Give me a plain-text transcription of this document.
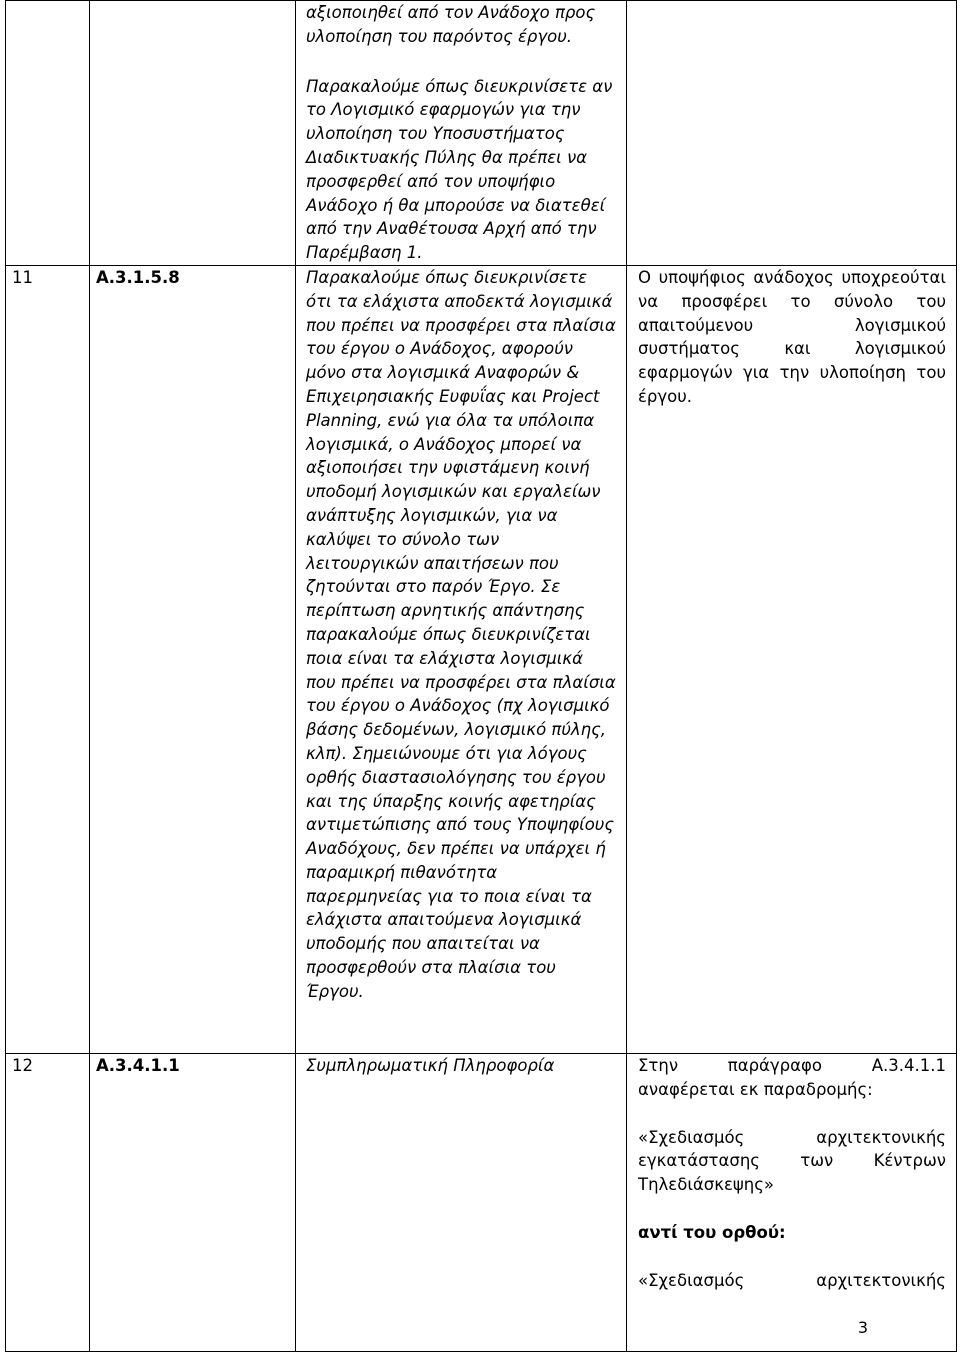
		αξιοποιηθεί από τον Ανάδοχο προς υλοποίηση του παρόντος έργου.

Παρακαλούμε όπως διευκρινίσετε αν το Λογισμικό εφαρμογών για την υλοποίηση του Υποσυστήματος Διαδικτυακής Πύλης θα πρέπει να προσφερθεί από τον υποψήφιο Ανάδοχο ή θα μπορούσε να διατεθεί από την Αναθέτουσα Αρχή από την Παρέμβαση 1.	

11	Α.3.1.5.8	Παρακαλούμε όπως διευκρινίσετε ότι τα ελάχιστα αποδεκτά λογισμικά που πρέπει να προσφέρει στα πλαίσια του έργου ο Ανάδοχος, αφορούν μόνο στα λογισμικά Αναφορών & Επιχειρησιακής Ευφυΐας και Project Planning, ενώ για όλα τα υπόλοιπα λογισμικά, ο Ανάδοχος μπορεί να αξιοποιήσει την υφιστάμενη κοινή υποδομή λογισμικών και εργαλείων ανάπτυξης λογισμικών, για να καλύψει το σύνολο των λειτουργικών απαιτήσεων που ζητούνται στο παρόν Έργο. Σε περίπτωση αρνητικής απάντησης παρακαλούμε όπως διευκρινίζεται ποια είναι τα ελάχιστα λογισμικά που πρέπει να προσφέρει στα πλαίσια του έργου ο Ανάδοχος (πχ λογισμικό βάσης δεδομένων, λογισμικό πύλης, κλπ). Σημειώνουμε ότι για λόγους ορθής διαστασιολόγησης του έργου και της ύπαρξης κοινής αφετηρίας αντιμετώπισης από τους Υποψηφίους Αναδόχους, δεν πρέπει να υπάρχει ή παραμικρή πιθανότητα παρερμηνείας για το ποια είναι τα ελάχιστα απαιτούμενα λογισμικά υποδομής που απαιτείται να προσφερθούν στα πλαίσια του Έργου.	Ο υποψήφιος ανάδοχος υποχρεούται να προσφέρει το σύνολο του απαιτούμενου λογισμικού συστήματος και λογισμικού εφαρμογών για την υλοποίηση του έργου.

12	Α.3.4.1.1	Συμπληρωματική Πληροφορία	Στην παράγραφο Α.3.4.1.1 αναφέρεται εκ παραδρομής:

«Σχεδιασμός αρχιτεκτονικής εγκατάστασης των Κέντρων Τηλεδιάσκεψης»

αντί του ορθού:

«Σχεδιασμός αρχιτεκτονικής

3
